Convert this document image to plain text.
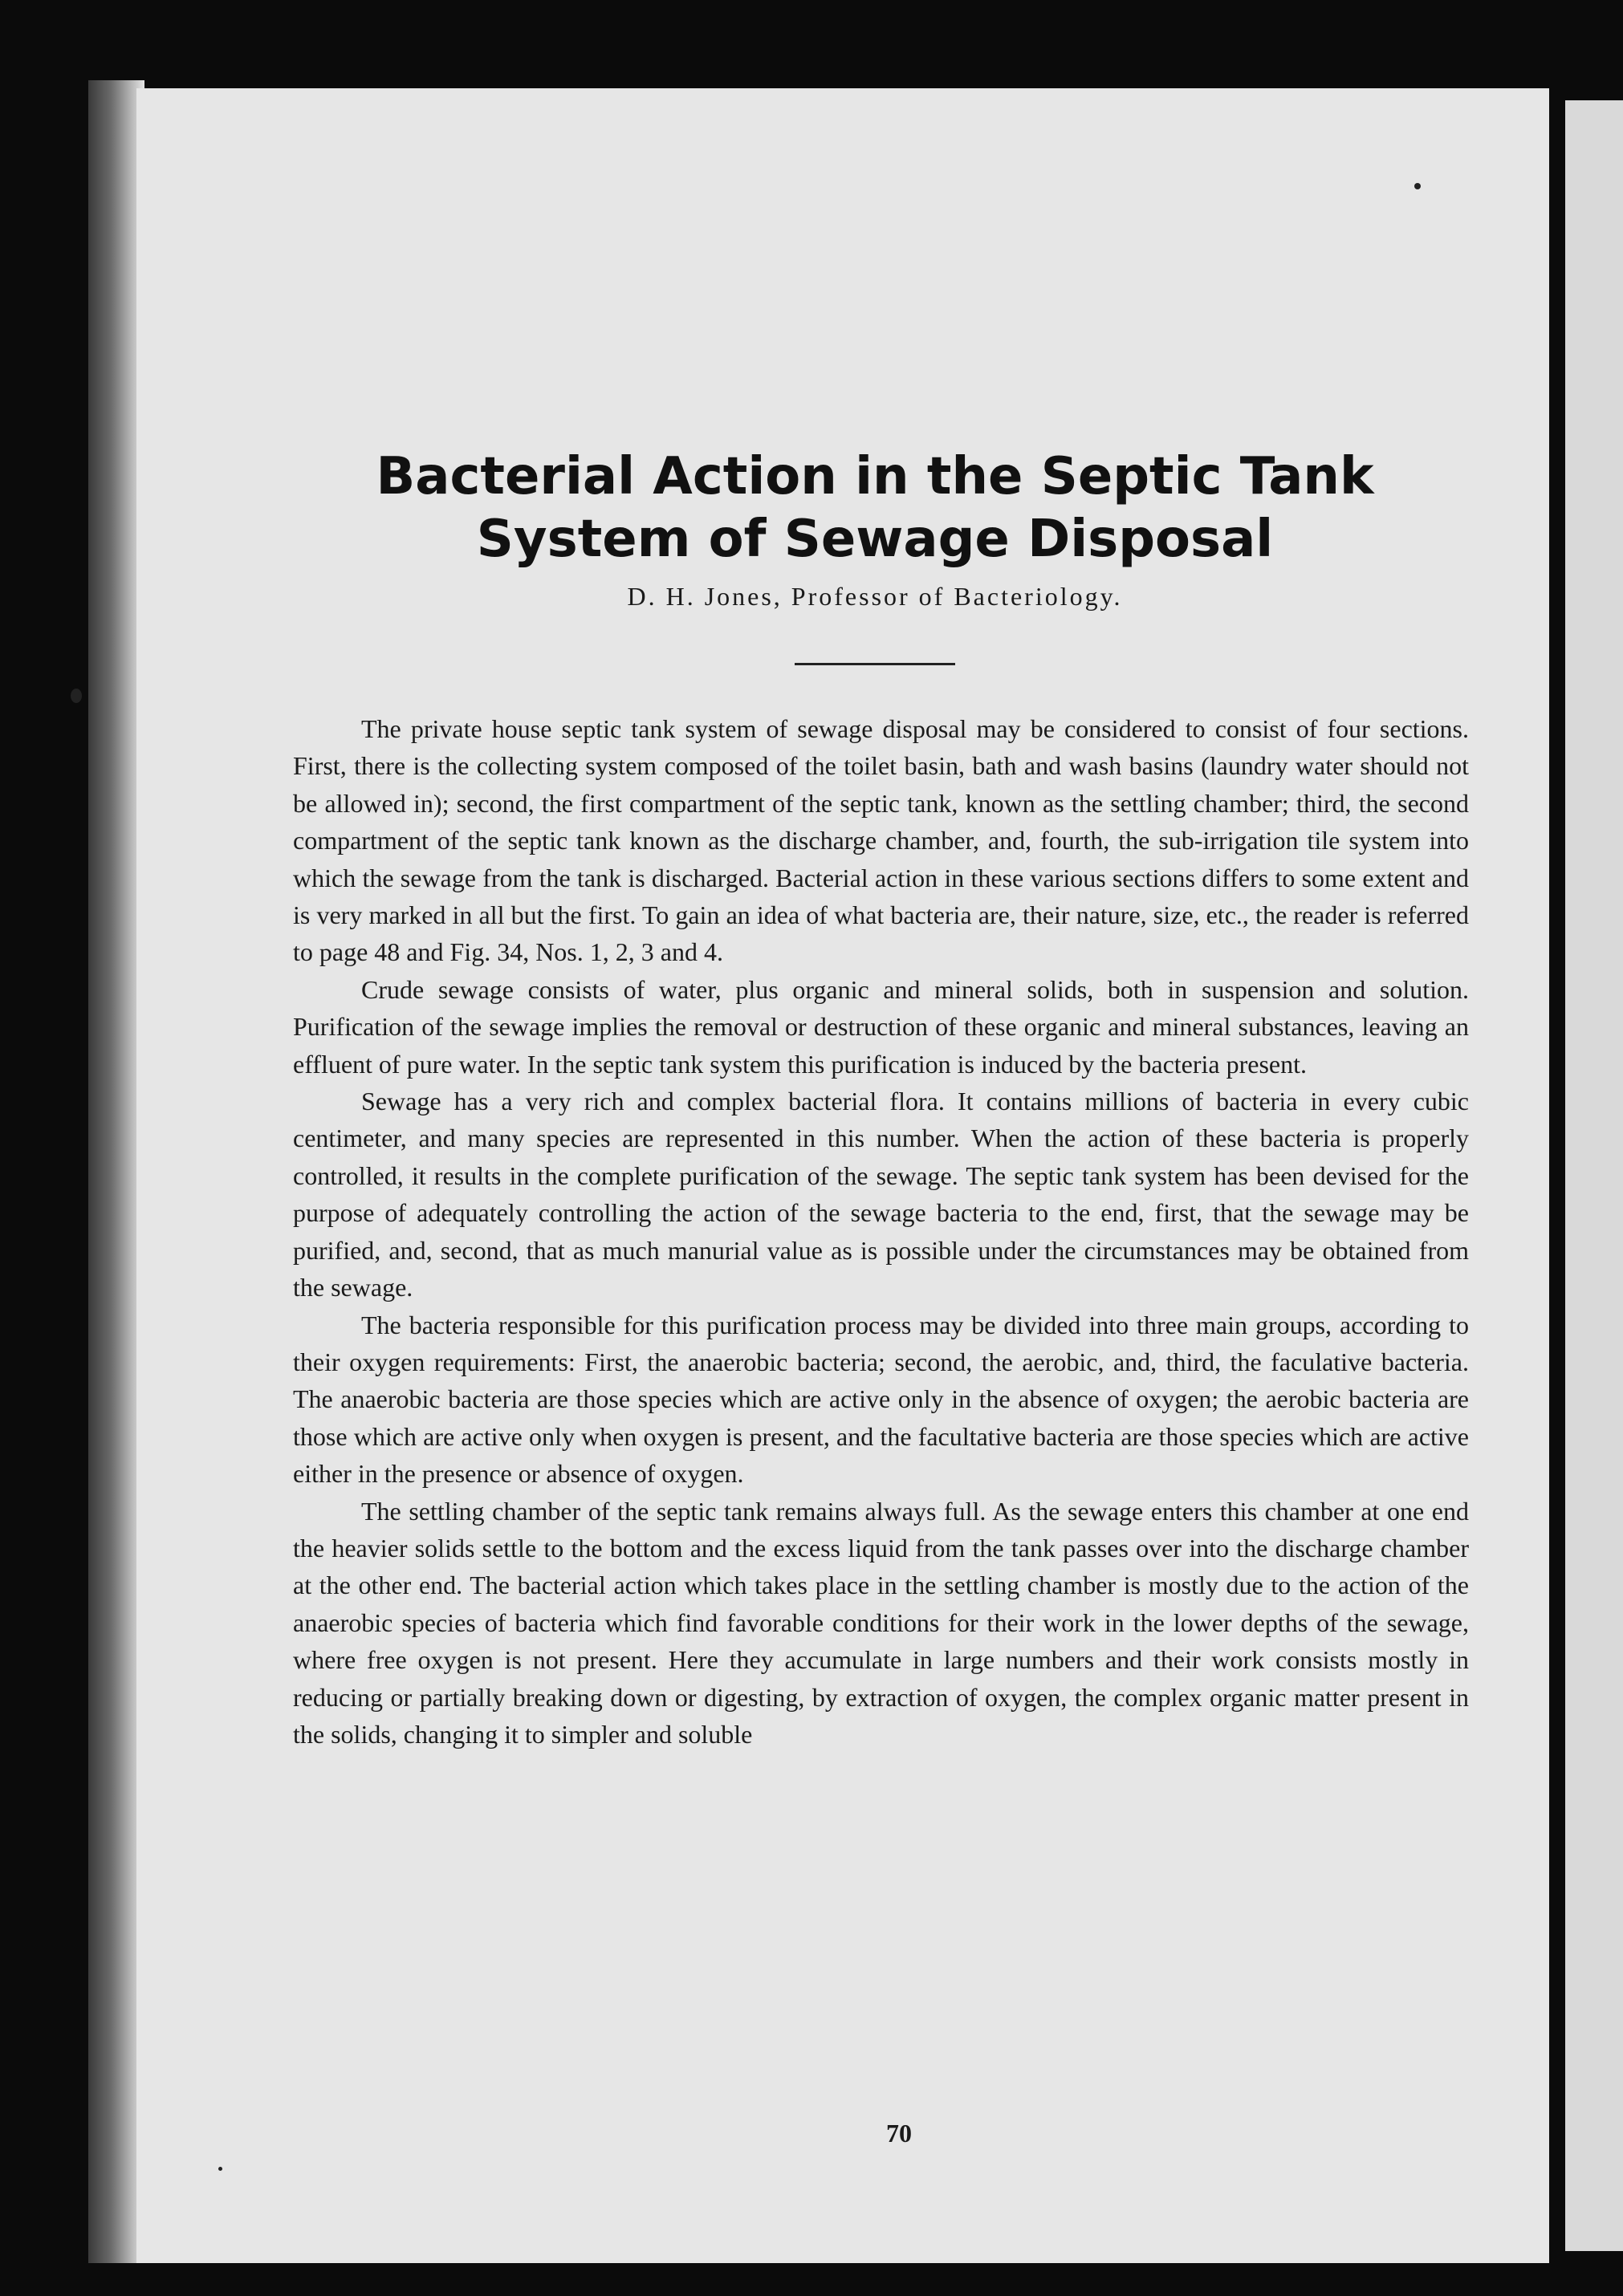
Bacterial Action in the Septic Tank
System of Sewage Disposal
D. H. Jones, Professor of Bacteriology.

The private house septic tank system of sewage disposal may be considered to consist of four sections. First, there is the collecting system composed of the toilet basin, bath and wash basins (laundry water should not be allowed in); second, the first compartment of the septic tank, known as the settling chamber; third, the second compartment of the septic tank known as the discharge chamber, and, fourth, the sub-irrigation tile system into which the sewage from the tank is discharged. Bacterial action in these various sections differs to some extent and is very marked in all but the first. To gain an idea of what bacteria are, their nature, size, etc., the reader is referred to page 48 and Fig. 34, Nos. 1, 2, 3 and 4.

Crude sewage consists of water, plus organic and mineral solids, both in suspension and solution. Purification of the sewage implies the removal or destruction of these organic and mineral substances, leaving an effluent of pure water. In the septic tank system this purification is induced by the bacteria present.

Sewage has a very rich and complex bacterial flora. It contains millions of bacteria in every cubic centimeter, and many species are represented in this number. When the action of these bacteria is properly controlled, it results in the complete purification of the sewage. The septic tank system has been devised for the purpose of adequately controlling the action of the sewage bacteria to the end, first, that the sewage may be purified, and, second, that as much manurial value as is possible under the circumstances may be obtained from the sewage.

The bacteria responsible for this purification process may be divided into three main groups, according to their oxygen requirements: First, the anaerobic bacteria; second, the aerobic, and, third, the faculative bacteria. The anaerobic bacteria are those species which are active only in the absence of oxygen; the aerobic bacteria are those which are active only when oxygen is present, and the facultative bacteria are those species which are active either in the presence or absence of oxygen.

The settling chamber of the septic tank remains always full. As the sewage enters this chamber at one end the heavier solids settle to the bottom and the excess liquid from the tank passes over into the discharge chamber at the other end. The bacterial action which takes place in the settling chamber is mostly due to the action of the anaerobic species of bacteria which find favorable conditions for their work in the lower depths of the sewage, where free oxygen is not present. Here they accumulate in large numbers and their work consists mostly in reducing or partially breaking down or digesting, by extraction of oxygen, the complex organic matter present in the solids, changing it to simpler and soluble

70
